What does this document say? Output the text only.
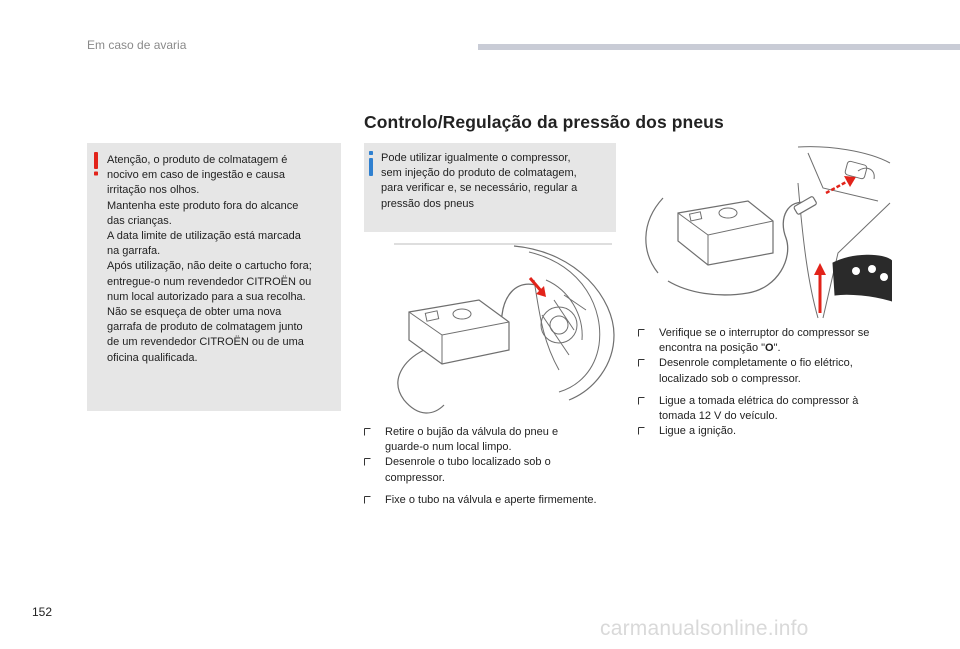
Em caso de avaria
Controlo/Regulação da pressão dos pneus

Atenção, o produto de colmatagem é

nocivo em caso de ingestão e causa

irritação nos olhos.

Mantenha este produto fora do alcance

das crianças.

A data limite de utilização está marcada

na garrafa.

Após utilização, não deite o cartucho fora;

entregue-o num revendedor CITROËN ou

num local autorizado para a sua recolha.

Não se esqueça de obter uma nova

garrafa de produto de colmatagem junto

de um revendedor CITROËN ou de uma

oficina qualificada.

Pode utilizar igualmente o compressor,

sem injeção do produto de colmatagem,

para verificar e, se necessário, regular a

pressão dos pneus

Retire o bujão da válvula do pneu e
guarde-o num local limpo.
Desenrole o tubo localizado sob o
compressor.
Fixe o tubo na válvula e aperte firmemente.
Verifique se o interruptor do compressor se
encontra na posição "O".
Desenrole completamente o fio elétrico,
localizado sob o compressor.
Ligue a tomada elétrica do compressor à
tomada 12 V do veículo.
Ligue a ignição.
152
carmanualsonline.info
